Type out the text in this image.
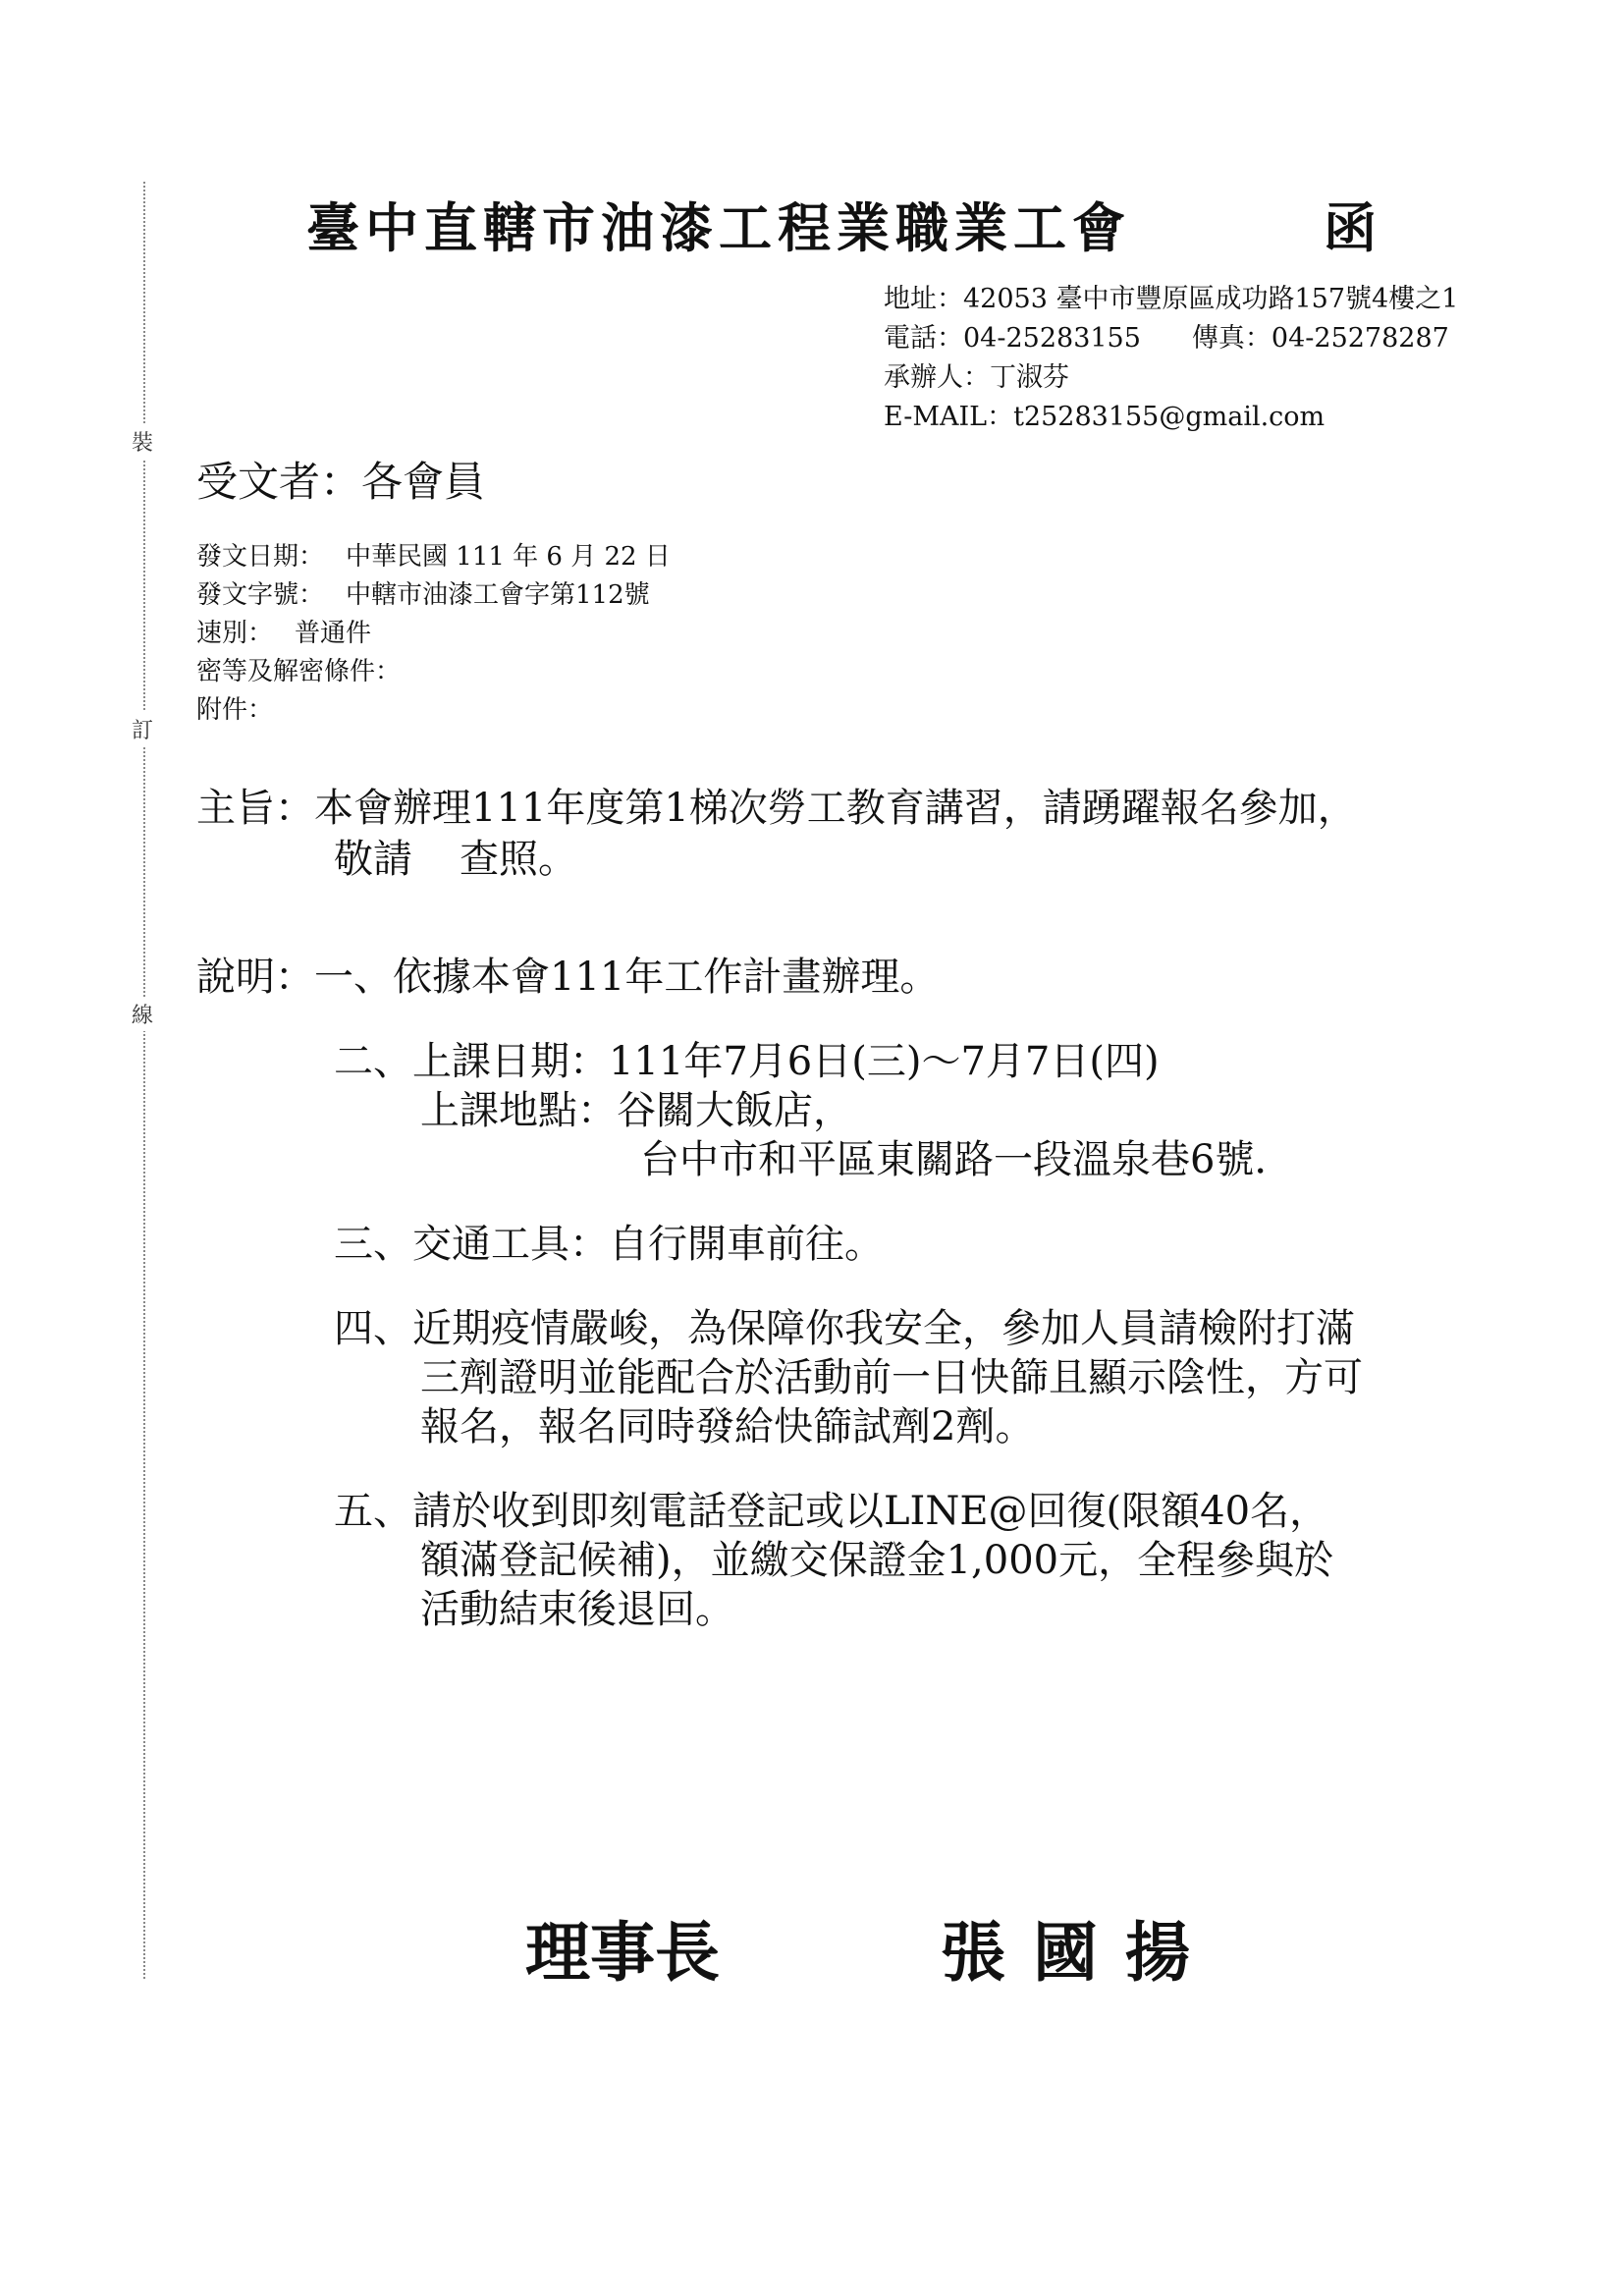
裝
訂
線
臺中直轄市油漆工程業職業工會	函
地址：42053 臺中市豐原區成功路157號4樓之1
電話：04-25283155 傳真：04-25278287
承辦人：丁淑芬
E-MAIL：t25283155@gmail.com
受文者：各會員
發文日期： 中華民國 111 年 6 月 22 日
發文字號： 中轄市油漆工會字第112號
速別： 普通件
密等及解密條件：
附件：
主旨：本會辦理111年度第1梯次勞工教育講習，請踴躍報名參加，
敬請 查照。
說明：一、依據本會111年工作計畫辦理。
二、上課日期：111年7月6日(三)～7月7日(四)
上課地點：谷關大飯店，
台中市和平區東關路一段溫泉巷6號．
三、交通工具：自行開車前往。
四、近期疫情嚴峻，為保障你我安全，參加人員請檢附打滿
三劑證明並能配合於活動前一日快篩且顯示陰性，方可
報名，報名同時發給快篩試劑2劑。
五、請於收到即刻電話登記或以LINE@回復(限額40名，
額滿登記候補)，並繳交保證金1,000元，全程參與於
活動結束後退回。
理事長	張國揚
